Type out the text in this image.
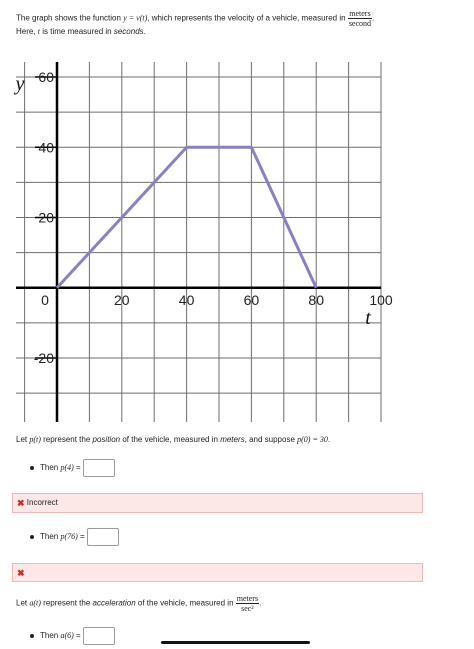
The graph shows the function y = v(t), which represents the velocity of a vehicle, measured in $\frac{\text{meters}}{\text{second}}$ .
Here, t is time measured in seconds.
60
40
20
-20
0	20	40	60	80	100
t
y
Let p(t) represent the position of the vehicle, measured in meters, and suppose p(0) = 30.
Then
p(4)
=

✖
Incorrect
Then
p(76)
=

✖
Let a(t) represent the acceleration of the vehicle, measured in $\frac{\text{meters}}{\text{sec²}}$ .
Then
a(6)
=
